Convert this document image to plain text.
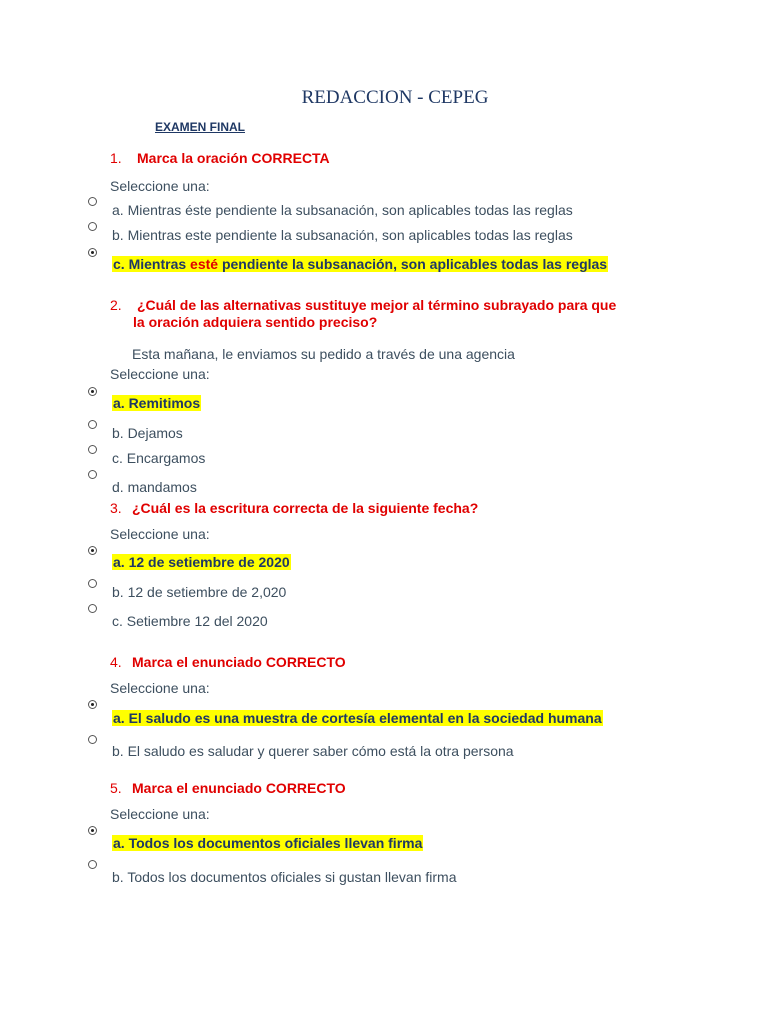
REDACCION - CEPEG
EXAMEN FINAL
1. Marca la oración CORRECTA
Seleccione una:
a. Mientras éste pendiente la subsanación, son aplicables todas las reglas
b. Mientras este pendiente la subsanación, son aplicables todas las reglas
c. Mientras esté pendiente la subsanación, son aplicables todas las reglas
2. ¿Cuál de las alternativas sustituye mejor al término subrayado para que
la oración adquiera sentido preciso?
Esta mañana, le enviamos su pedido a través de una agencia
Seleccione una:
a. Remitimos
b. Dejamos
c. Encargamos
d. mandamos
3. ¿Cuál es la escritura correcta de la siguiente fecha?
Seleccione una:
a. 12 de setiembre de 2020
b. 12 de setiembre de 2,020
c. Setiembre 12 del 2020
4. Marca el enunciado CORRECTO
Seleccione una:
a. El saludo es una muestra de cortesía elemental en la sociedad humana
b. El saludo es saludar y querer saber cómo está la otra persona
5. Marca el enunciado CORRECTO
Seleccione una:
a. Todos los documentos oficiales llevan firma
b. Todos los documentos oficiales si gustan llevan firma
